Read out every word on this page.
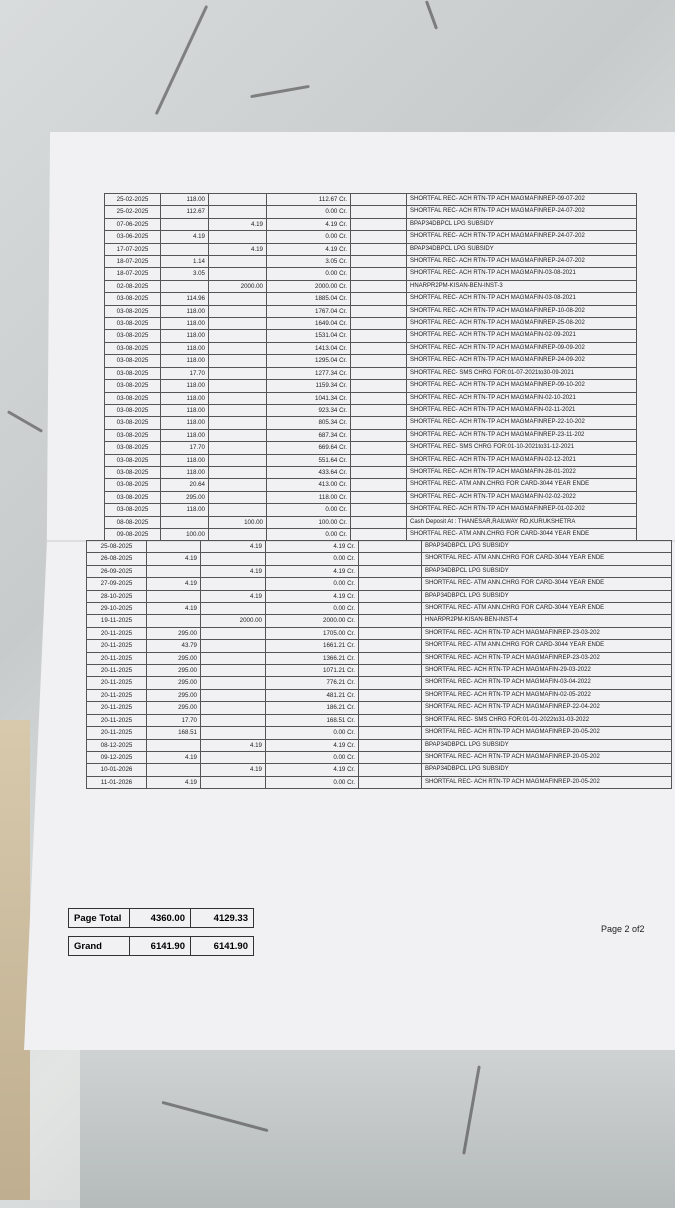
25-02-2025	118.00		112.67 Cr.		SHORTFAL REC- ACH RTN-TP ACH MAGMAFINREP-09-07-202
25-02-2025	112.67		0.00 Cr.		SHORTFAL REC- ACH RTN-TP ACH MAGMAFINREP-24-07-202
07-06-2025		4.19	4.19 Cr.		BPAP34DBPCL LPG SUBSIDY
03-06-2025	4.19		0.00 Cr.		SHORTFAL REC- ACH RTN-TP ACH MAGMAFINREP-24-07-202
17-07-2025		4.19	4.19 Cr.		BPAP34DBPCL LPG SUBSIDY
18-07-2025	1.14		3.05 Cr.		SHORTFAL REC- ACH RTN-TP ACH MAGMAFINREP-24-07-202
18-07-2025	3.05		0.00 Cr.		SHORTFAL REC- ACH RTN-TP ACH MAGMAFIN-03-08-2021
02-08-2025		2000.00	2000.00 Cr.		HNARPR2PM-KISAN-BEN-INST-3
03-08-2025	114.96		1885.04 Cr.		SHORTFAL REC- ACH RTN-TP ACH MAGMAFIN-03-08-2021
03-08-2025	118.00		1767.04 Cr.		SHORTFAL REC- ACH RTN-TP ACH MAGMAFINREP-10-08-202
03-08-2025	118.00		1649.04 Cr.		SHORTFAL REC- ACH RTN-TP ACH MAGMAFINREP-25-08-202
03-08-2025	118.00		1531.04 Cr.		SHORTFAL REC- ACH RTN-TP ACH MAGMAFIN-02-09-2021
03-08-2025	118.00		1413.04 Cr.		SHORTFAL REC- ACH RTN-TP ACH MAGMAFINREP-09-09-202
03-08-2025	118.00		1295.04 Cr.		SHORTFAL REC- ACH RTN-TP ACH MAGMAFINREP-24-09-202
03-08-2025	17.70		1277.34 Cr.		SHORTFAL REC- SMS CHRG FOR:01-07-2021to30-09-2021
03-08-2025	118.00		1159.34 Cr.		SHORTFAL REC- ACH RTN-TP ACH MAGMAFINREP-09-10-202
03-08-2025	118.00		1041.34 Cr.		SHORTFAL REC- ACH RTN-TP ACH MAGMAFIN-02-10-2021
03-08-2025	118.00		923.34 Cr.		SHORTFAL REC- ACH RTN-TP ACH MAGMAFIN-02-11-2021
03-08-2025	118.00		805.34 Cr.		SHORTFAL REC- ACH RTN-TP ACH MAGMAFINREP-22-10-202
03-08-2025	118.00		687.34 Cr.		SHORTFAL REC- ACH RTN-TP ACH MAGMAFINREP-23-11-202
03-08-2025	17.70		669.64 Cr.		SHORTFAL REC- SMS CHRG FOR:01-10-2021to31-12-2021
03-08-2025	118.00		551.64 Cr.		SHORTFAL REC- ACH RTN-TP ACH MAGMAFIN-02-12-2021
03-08-2025	118.00		433.64 Cr.		SHORTFAL REC- ACH RTN-TP ACH MAGMAFIN-28-01-2022
03-08-2025	20.64		413.00 Cr.		SHORTFAL REC- ATM ANN.CHRG FOR CARD-3044 YEAR ENDE
03-08-2025	295.00		118.00 Cr.		SHORTFAL REC- ACH RTN-TP ACH MAGMAFIN-02-02-2022
03-08-2025	118.00		0.00 Cr.		SHORTFAL REC- ACH RTN-TP ACH MAGMAFINREP-01-02-202
08-08-2025		100.00	100.00 Cr.		Cash Deposit At : THANESAR,RAILWAY RD,KURUKSHETRA
09-08-2025	100.00		0.00 Cr.		SHORTFAL REC- ATM ANN.CHRG FOR CARD-3044 YEAR ENDE
25-08-2025		4.19	4.19 Cr.		BPAP34DBPCL LPG SUBSIDY
26-08-2025	4.19		0.00 Cr.		SHORTFAL REC- ATM ANN.CHRG FOR CARD-3044 YEAR ENDE
26-09-2025		4.19	4.19 Cr.		BPAP34DBPCL LPG SUBSIDY
27-09-2025	4.19		0.00 Cr.		SHORTFAL REC- ATM ANN.CHRG FOR CARD-3044 YEAR ENDE
28-10-2025		4.19	4.19 Cr.		BPAP34DBPCL LPG SUBSIDY
29-10-2025	4.19		0.00 Cr.		SHORTFAL REC- ATM ANN.CHRG FOR CARD-3044 YEAR ENDE
19-11-2025		2000.00	2000.00 Cr.		HNARPR2PM-KISAN-BEN-INST-4
20-11-2025	295.00		1705.00 Cr.		SHORTFAL REC- ACH RTN-TP ACH MAGMAFINREP-23-03-202
20-11-2025	43.79		1661.21 Cr.		SHORTFAL REC- ATM ANN.CHRG FOR CARD-3044 YEAR ENDE
20-11-2025	295.00		1366.21 Cr.		SHORTFAL REC- ACH RTN-TP ACH MAGMAFINREP-23-03-202
20-11-2025	295.00		1071.21 Cr.		SHORTFAL REC- ACH RTN-TP ACH MAGMAFIN-29-03-2022
20-11-2025	295.00		776.21 Cr.		SHORTFAL REC- ACH RTN-TP ACH MAGMAFIN-03-04-2022
20-11-2025	295.00		481.21 Cr.		SHORTFAL REC- ACH RTN-TP ACH MAGMAFIN-02-05-2022
20-11-2025	295.00		186.21 Cr.		SHORTFAL REC- ACH RTN-TP ACH MAGMAFINREP-22-04-202
20-11-2025	17.70		168.51 Cr.		SHORTFAL REC- SMS CHRG FOR:01-01-2022to31-03-2022
20-11-2025	168.51		0.00 Cr.		SHORTFAL REC- ACH RTN-TP ACH MAGMAFINREP-20-05-202
08-12-2025		4.19	4.19 Cr.		BPAP34DBPCL LPG SUBSIDY
09-12-2025	4.19		0.00 Cr.		SHORTFAL REC- ACH RTN-TP ACH MAGMAFINREP-20-05-202
10-01-2026		4.19	4.19 Cr.		BPAP34DBPCL LPG SUBSIDY
11-01-2026	4.19		0.00 Cr.		SHORTFAL REC- ACH RTN-TP ACH MAGMAFINREP-20-05-202
Page Total	4360.00	4129.33
Grand	6141.90	6141.90
Page 2 of2
